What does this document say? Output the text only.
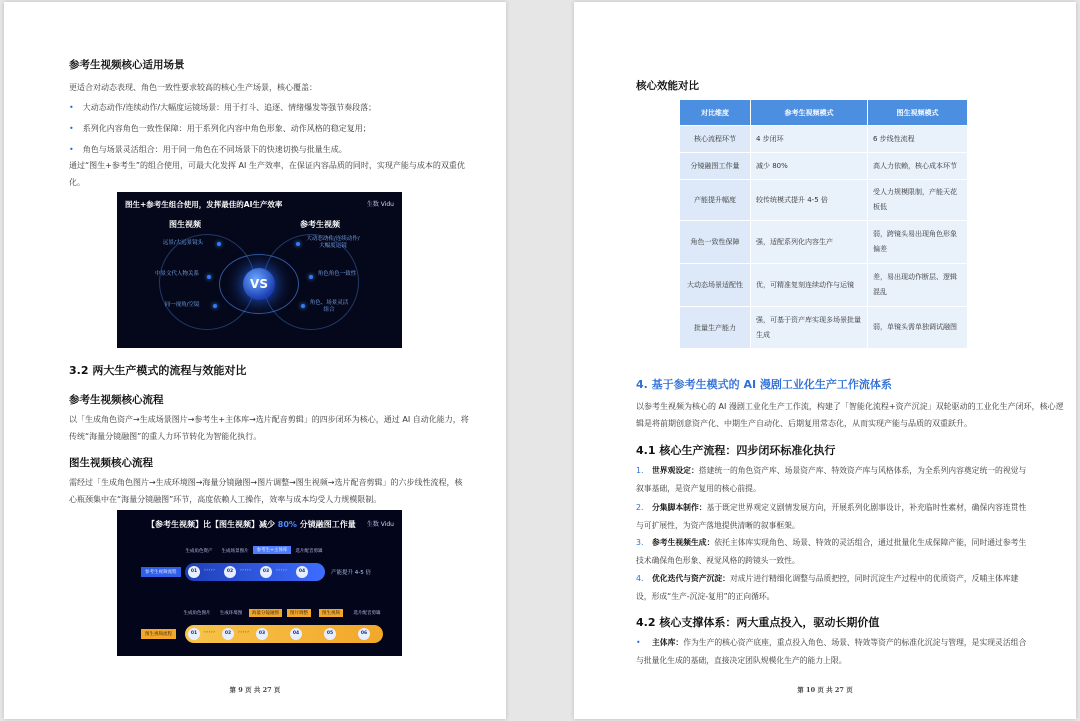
参考生视频核心适用场景
更适合对动态表现、角色一致性要求较高的核心生产场景，核心覆盖：
• 大动态动作/连续动作/大幅度运镜场景：用于打斗、追逐、情绪爆发等强节奏段落；
• 系列化内容角色一致性保障：用于系列化内容中角色形象、动作风格的稳定复用；
• 角色与场景灵活组合：用于同一角色在不同场景下的快速切换与批量生成。
通过“图生+参考生”的组合使用，可最大化发挥 AI 生产效率，在保证内容品质的同时，实现产能与成本的双重优
化。
图生+参考生组合使用，发挥最佳的AI生产效率	生数 Vidu
图生视频	参考生视频
VS
远景/大远景镜头
中景文代人物关系
同一视角/空镜
大动态动作/连续动作/大幅度运镜
角色角色一致性
角色、场景灵活组合
3.2 两大生产模式的流程与效能对比
参考生视频核心流程
以「生成角色资产→生成场景图片→参考生+主体库→选片配音剪辑」的四步闭环为核心，通过 AI 自动化能力，将
传统“海量分镜融图”的重人力环节转化为智能化执行。
图生视频核心流程
需经过「生成角色图片→生成环境图→海量分镜融图→图片调整→图生视频→选片配音剪辑」的六步线性流程，核
心瓶颈集中在“海量分镜融图”环节，高度依赖人工操作，效率与成本均受人力规模限制。
【参考生视频】比【图生视频】减少 80% 分镜融图工作量 生数 Vidu
生成角色资产	生成场景图片	参考生+主体库	选片配音剪辑
参考生视频流程	01	›››››	02	›››››	03	›››››	04	产能提升 4-5 倍
生成角色图片	生成环境图	海量分镜融图	图片调整	图生视频	选片配音剪辑
图生视频流程	01	›››››	02	›››››	03	04	05	06
第 9 页 共 27 页
核心效能对比
对比维度	参考生视频模式	图生视频模式
核心流程环节	4 步闭环	6 步线性流程
分镜融图工作量	减少 80%	高人力依赖，核心成本环节
产能提升幅度	较传统模式提升 4-5 倍	受人力规模限制，产能天花板低
角色一致性保障	强，适配系列化内容生产	弱，跨镜头易出现角色形象偏差
大动态场景适配性	优，可精准复刻连续动作与运镜	差，易出现动作断层、逻辑混乱
批量生产能力	强，可基于资产库实现多场景批量生成	弱，单镜头需单独调试融图
4. 基于参考生模式的 AI 漫剧工业化生产工作流体系
以参考生视频为核心的 AI 漫剧工业化生产工作流，构建了「智能化流程+资产沉淀」双轮驱动的工业化生产闭环，核心逻
辑是将前期创意资产化、中期生产自动化、后期复用常态化，从而实现产能与品质的双重跃升。
4.1 核心生产流程：四步闭环标准化执行
1. 世界观设定：搭建统一的角色资产库、场景资产库、特效资产库与风格体系，为全系列内容奠定统一的视觉与
叙事基础，是资产复用的核心前提。
2. 分集脚本制作：基于既定世界观定义剧情发展方向，开展系列化剧事设计，补充临时性素材，确保内容连贯性
与可扩展性，为资产落地提供清晰的叙事框架。
3. 参考生视频生成：依托主体库实现角色、场景、特效的灵活组合，通过批量化生成保障产能，同时通过参考生
技术确保角色形象、视觉风格的跨镜头一致性。
4. 优化迭代与资产沉淀：对成片进行精细化调整与品质把控，同时沉淀生产过程中的优质资产，反哺主体库建
设，形成“生产-沉淀-复用”的正向循环。
4.2 核心支撑体系：两大重点投入，驱动长期价值
• 主体库：作为生产的核心资产底座，重点投入角色、场景、特效等资产的标准化沉淀与管理，是实现灵活组合
与批量化生成的基础，直接决定团队规模化生产的能力上限。
第 10 页 共 27 页
